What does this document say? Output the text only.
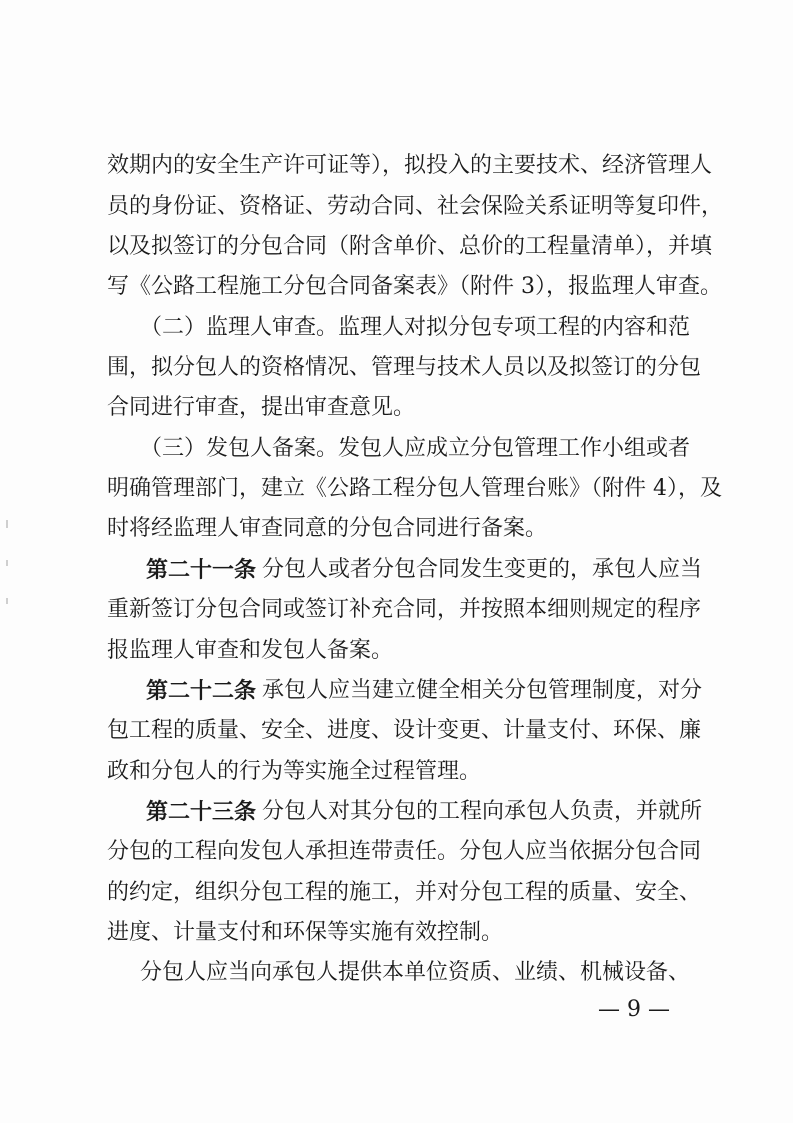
效期内的安全生产许可证等），拟投入的主要技术、经济管理人
员的身份证、资格证、劳动合同、社会保险关系证明等复印件，
以及拟签订的分包合同（附含单价、总价的工程量清单），并填
写《公路工程施工分包合同备案表》（附件 3），报监理人审查。
（二）监理人审查。监理人对拟分包专项工程的内容和范
围，拟分包人的资格情况、管理与技术人员以及拟签订的分包
合同进行审查，提出审查意见。
（三）发包人备案。发包人应成立分包管理工作小组或者
明确管理部门，建立《公路工程分包人管理台账》（附件 4），及
时将经监理人审查同意的分包合同进行备案。
第二十一条 分包人或者分包合同发生变更的，承包人应当
重新签订分包合同或签订补充合同，并按照本细则规定的程序
报监理人审查和发包人备案。
第二十二条 承包人应当建立健全相关分包管理制度，对分
包工程的质量、安全、进度、设计变更、计量支付、环保、廉
政和分包人的行为等实施全过程管理。
第二十三条 分包人对其分包的工程向承包人负责，并就所
分包的工程向发包人承担连带责任。分包人应当依据分包合同
的约定，组织分包工程的施工，并对分包工程的质量、安全、
进度、计量支付和环保等实施有效控制。
分包人应当向承包人提供本单位资质、业绩、机械设备、
— 9 —
